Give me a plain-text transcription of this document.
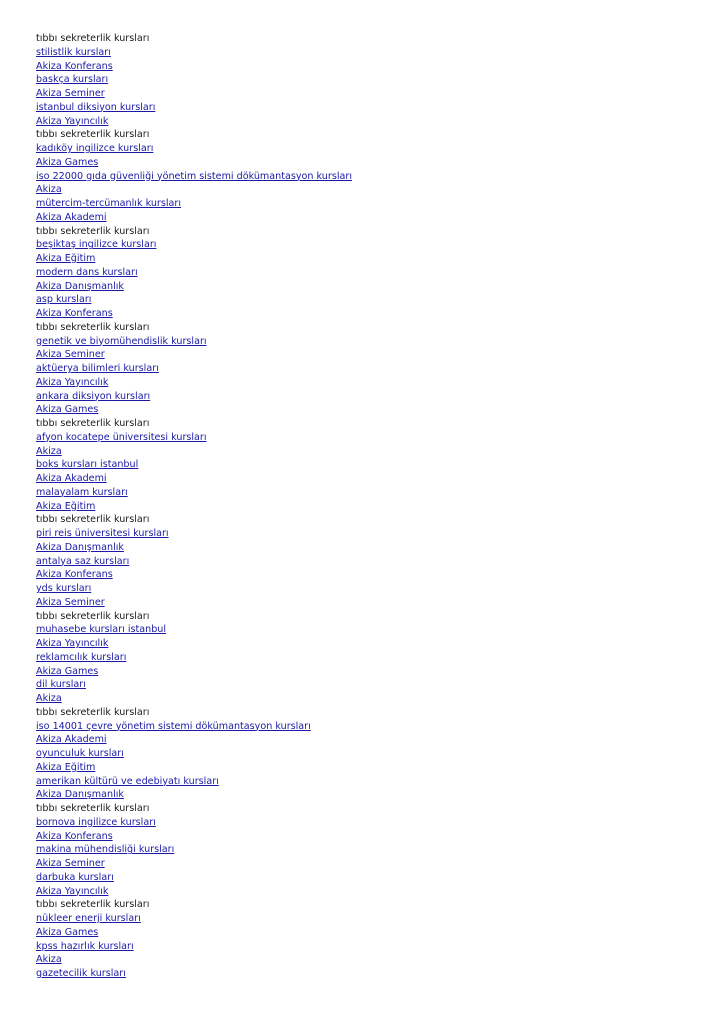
tıbbı sekreterlik kursları
stilistlik kursları
Akiza Konferans
baskça kursları
Akiza Seminer
istanbul diksiyon kursları
Akiza Yayıncılık
tıbbı sekreterlik kursları
kadıköy ingilizce kursları
Akiza Games
iso 22000 gıda güvenliği yönetim sistemi dökümantasyon kursları
Akiza
mütercim-tercümanlık kursları
Akiza Akademi
tıbbı sekreterlik kursları
beşiktaş ingilizce kursları
Akiza Eğitim
modern dans kursları
Akiza Danışmanlık
asp kursları
Akiza Konferans
tıbbı sekreterlik kursları
genetik ve biyomühendislik kursları
Akiza Seminer
aktüerya bilimleri kursları
Akiza Yayıncılık
ankara diksiyon kursları
Akiza Games
tıbbı sekreterlik kursları
afyon kocatepe üniversitesi kursları
Akiza
boks kursları istanbul
Akiza Akademi
malayalam kursları
Akiza Eğitim
tıbbı sekreterlik kursları
piri reis üniversitesi kursları
Akiza Danışmanlık
antalya saz kursları
Akiza Konferans
yds kursları
Akiza Seminer
tıbbı sekreterlik kursları
muhasebe kursları istanbul
Akiza Yayıncılık
reklamcılık kursları
Akiza Games
dil kursları
Akiza
tıbbı sekreterlik kursları
iso 14001 çevre yönetim sistemi dökümantasyon kursları
Akiza Akademi
oyunculuk kursları
Akiza Eğitim
amerikan kültürü ve edebiyatı kursları
Akiza Danışmanlık
tıbbı sekreterlik kursları
bornova ingilizce kursları
Akiza Konferans
makina mühendisliği kursları
Akiza Seminer
darbuka kursları
Akiza Yayıncılık
tıbbı sekreterlik kursları
nükleer enerji kursları
Akiza Games
kpss hazırlık kursları
Akiza
gazetecilik kursları
